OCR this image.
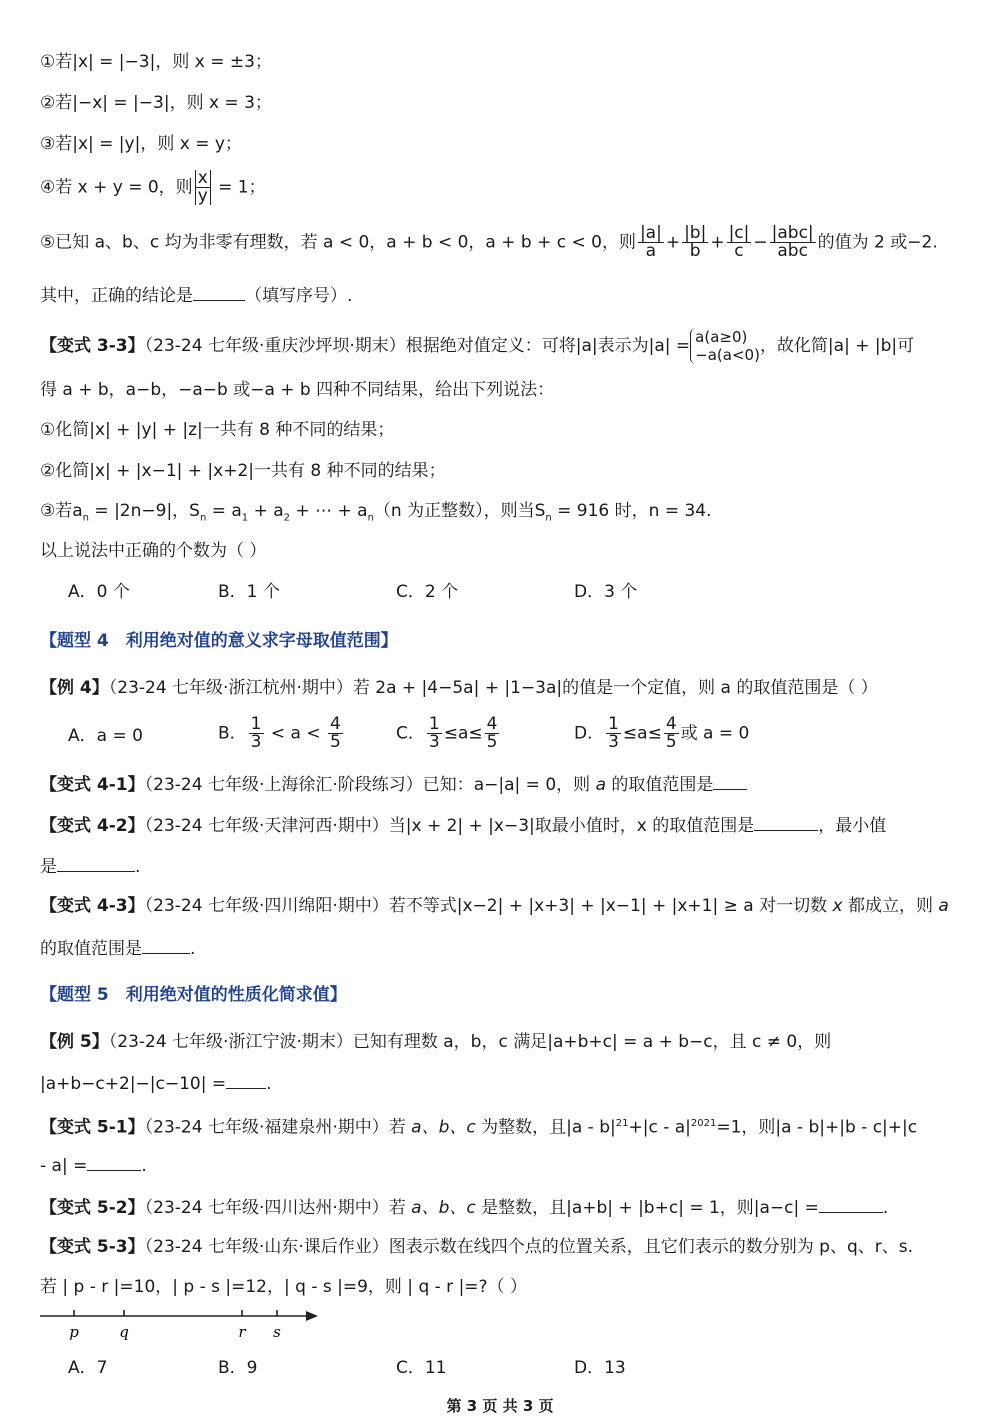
①若|x| = |−3|，则 x = ±3；
②若|−x| = |−3|，则 x = 3；
③若|x| = |y|，则 x = y；
④若 x + y = 0，则 $\frac{x}{y} = 1$；
⑤已知 a、b、c 均为非零有理数，若 a < 0，a + b < 0，a + b + c < 0，则 $\frac{|a|}{a} + \frac{|b|}{b} + \frac{|c|}{c} - \frac{\text{|abc|}}{\text{abc}}$ 的值为 2 或−2.
其中，正确的结论是	（填写序号）.
【变式 3-3】（23-24 七年级·重庆沙坪坝·期末）根据绝对值定义：可将|a|表示为|a| = a(a≥0)
−a(a<0) ，故化简|a| + |b|可
得 a + b，a−b，−a−b 或−a + b 四种不同结果，给出下列说法：
①化简|x| + |y| + |z|一共有 8 种不同的结果；
②化简|x| + |x−1| + |x+2|一共有 8 种不同的结果；
③若$a_n = |2n-9|$，$S_n = a_1 + a_2$ + ⋯ + $a_n(n$ 为正整数），则当$S_n = 916$ 时，n = 34.
以上说法中正确的个数为（ ）
A．0 个	B．1 个	C．2 个	D．3 个
【题型 4　利用绝对值的意义求字母取值范围】
【例 4】（23-24 七年级·浙江杭州·期中）若 2a + |4−5a| + |1−3a|的值是一个定值，则 a 的取值范围是（ ）
A．a = 0	B． $\frac{1}{3} < a < \frac{4}{5}$	C． $\frac{1}{3} \le a\le \frac{4}{5}$	D． $\frac{1}{3} \le a\le \frac{4}{5}$ 或 a = 0
【变式 4-1】（23-24 七年级·上海徐汇·阶段练习）已知：a−|a| = 0，则 a 的取值范围是
【变式 4-2】（23-24 七年级·天津河西·期中）当|x + 2| + |x−3|取最小值时，x 的取值范围是	，最小值
是	.
【变式 4-3】（23-24 七年级·四川绵阳·期中）若不等式|x−2| + |x+3| + |x−1| + |x+1| ≥ a 对一切数 x 都成立，则 a
的取值范围是	.
【题型 5　利用绝对值的性质化简求值】
【例 5】（23-24 七年级·浙江宁波·期末）已知有理数 a，b，c 满足|a+b+c| = a + b−c，且 c ≠ 0，则
|a+b−c+2|−|c−10| = .
【变式 5-1】（23-24 七年级·福建泉州·期中）若 a、b、c 为整数，且$|a - b|^{21}+|c - a|^{2021}=1$，则|a - b|+|b - c|+|c
- a| =	.
【变式 5-2】（23-24 七年级·四川达州·期中）若 a、b、c 是整数，且|a+b| + |b+c| = 1，则|a−c| =	.
【变式 5-3】（23-24 七年级·山东·课后作业）图表示数在线四个点的位置关系，且它们表示的数分别为 p、q、r、s.
若 | p - r |=10，| p - s |=12，| q - s |=9，则 | q - r |=?（ ）
p	q	r s
A．7	B．9	C．11	D．13
第 3 页 共 3 页
